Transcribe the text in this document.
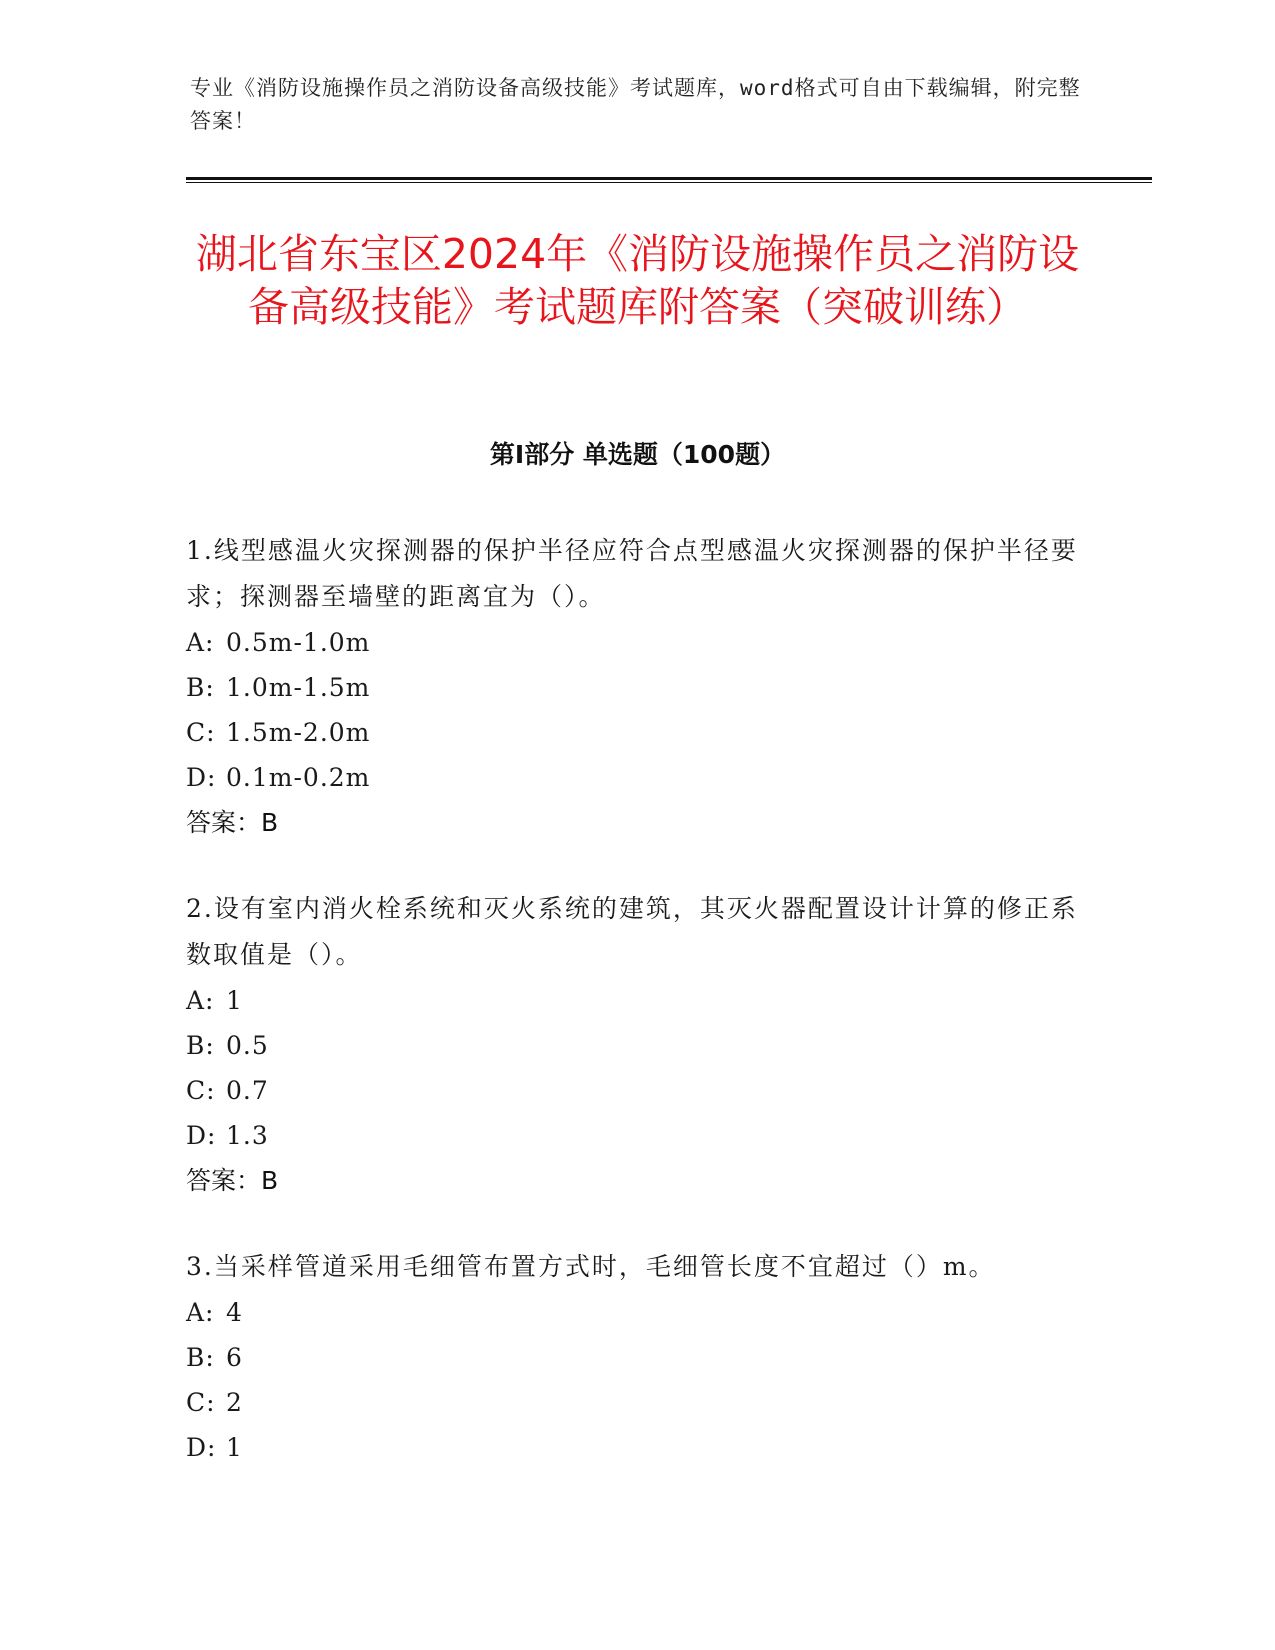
专业《消防设施操作员之消防设备高级技能》考试题库，word格式可自由下载编辑，附完整答案！
湖北省东宝区2024年《消防设施操作员之消防设备高级技能》考试题库附答案（突破训练）
第Ⅰ部分 单选题（100题）

1.线型感温火灾探测器的保护半径应符合点型感温火灾探测器的保护半径要求；探测器至墙壁的距离宜为（）。

A: 0.5m-1.0m

B: 1.0m-1.5m

C: 1.5m-2.0m

D: 0.1m-0.2m

答案：B

2.设有室内消火栓系统和灭火系统的建筑，其灭火器配置设计计算的修正系数取值是（）。

A: 1

B: 0.5

C: 0.7

D: 1.3

答案：B

3.当采样管道采用毛细管布置方式时，毛细管长度不宜超过（）m。

A: 4

B: 6

C: 2

D: 1
